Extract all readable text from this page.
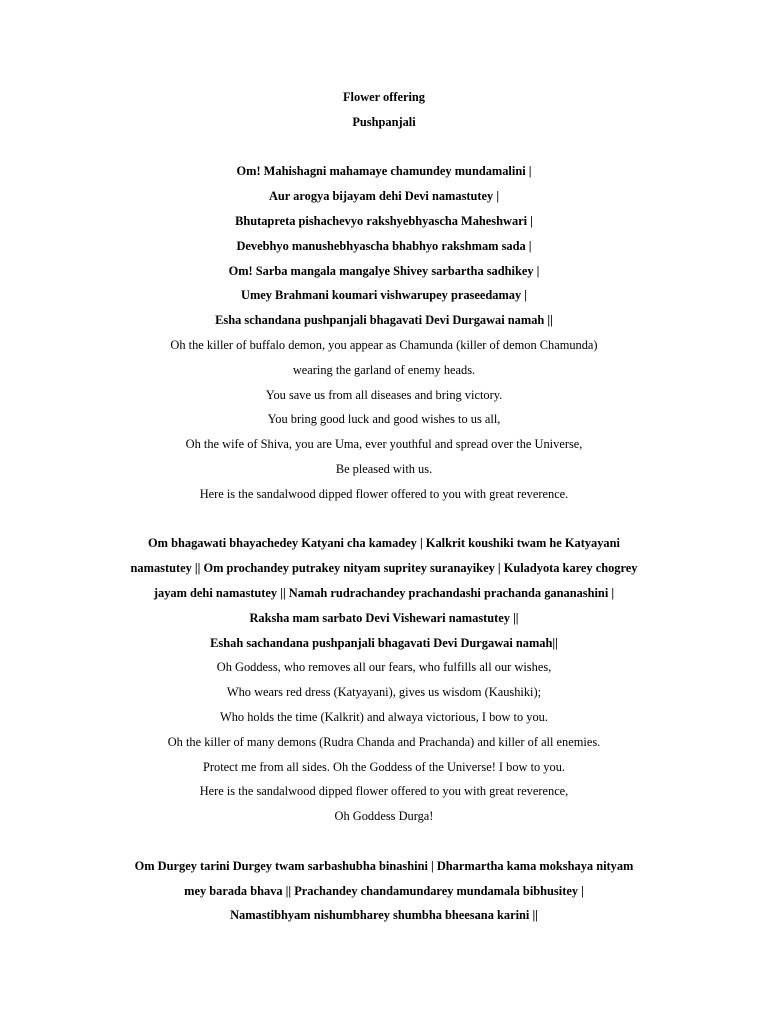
Flower offering
Pushpanjali
Om! Mahishagni mahamaye chamundey mundamalini |
Aur arogya bijayam dehi Devi namastutey |
Bhutapreta pishachevyo rakshyebhyascha Maheshwari |
Devebhyo manushebhyascha bhabhyo rakshmam sada |
Om! Sarba mangala mangalye Shivey sarbartha sadhikey |
Umey Brahmani koumari vishwarupey praseedamay |
Esha schandana pushpanjali bhagavati Devi Durgawai namah ||
Oh the killer of buffalo demon, you appear as Chamunda (killer of demon Chamunda)
wearing the garland of enemy heads.
You save us from all diseases and bring victory.
You bring good luck and good wishes to us all,
Oh the wife of Shiva, you are Uma, ever youthful and spread over the Universe,
Be pleased with us.
Here is the sandalwood dipped flower offered to you with great reverence.
Om bhagawati bhayachedey Katyani cha kamadey | Kalkrit koushiki twam he Katyayani
namastutey || Om prochandey putrakey nityam supritey suranayikey | Kuladyota karey chogrey
jayam dehi namastutey || Namah rudrachandey prachandashi prachanda gananashini |
Raksha mam sarbato Devi Vishewari namastutey ||
Eshah sachandana pushpanjali bhagavati Devi Durgawai namah||
Oh Goddess, who removes all our fears, who fulfills all our wishes,
Who wears red dress (Katyayani), gives us wisdom (Kaushiki);
Who holds the time (Kalkrit) and alwaya victorious, I bow to you.
Oh the killer of many demons (Rudra Chanda and Prachanda) and killer of all enemies.
Protect me from all sides. Oh the Goddess of the Universe! I bow to you.
Here is the sandalwood dipped flower offered to you with great reverence,
Oh Goddess Durga!
Om Durgey tarini Durgey twam sarbashubha binashini | Dharmartha kama mokshaya nityam
mey barada bhava || Prachandey chandamundarey mundamala bibhusitey |
Namastibhyam nishumbharey shumbha bheesana karini ||
